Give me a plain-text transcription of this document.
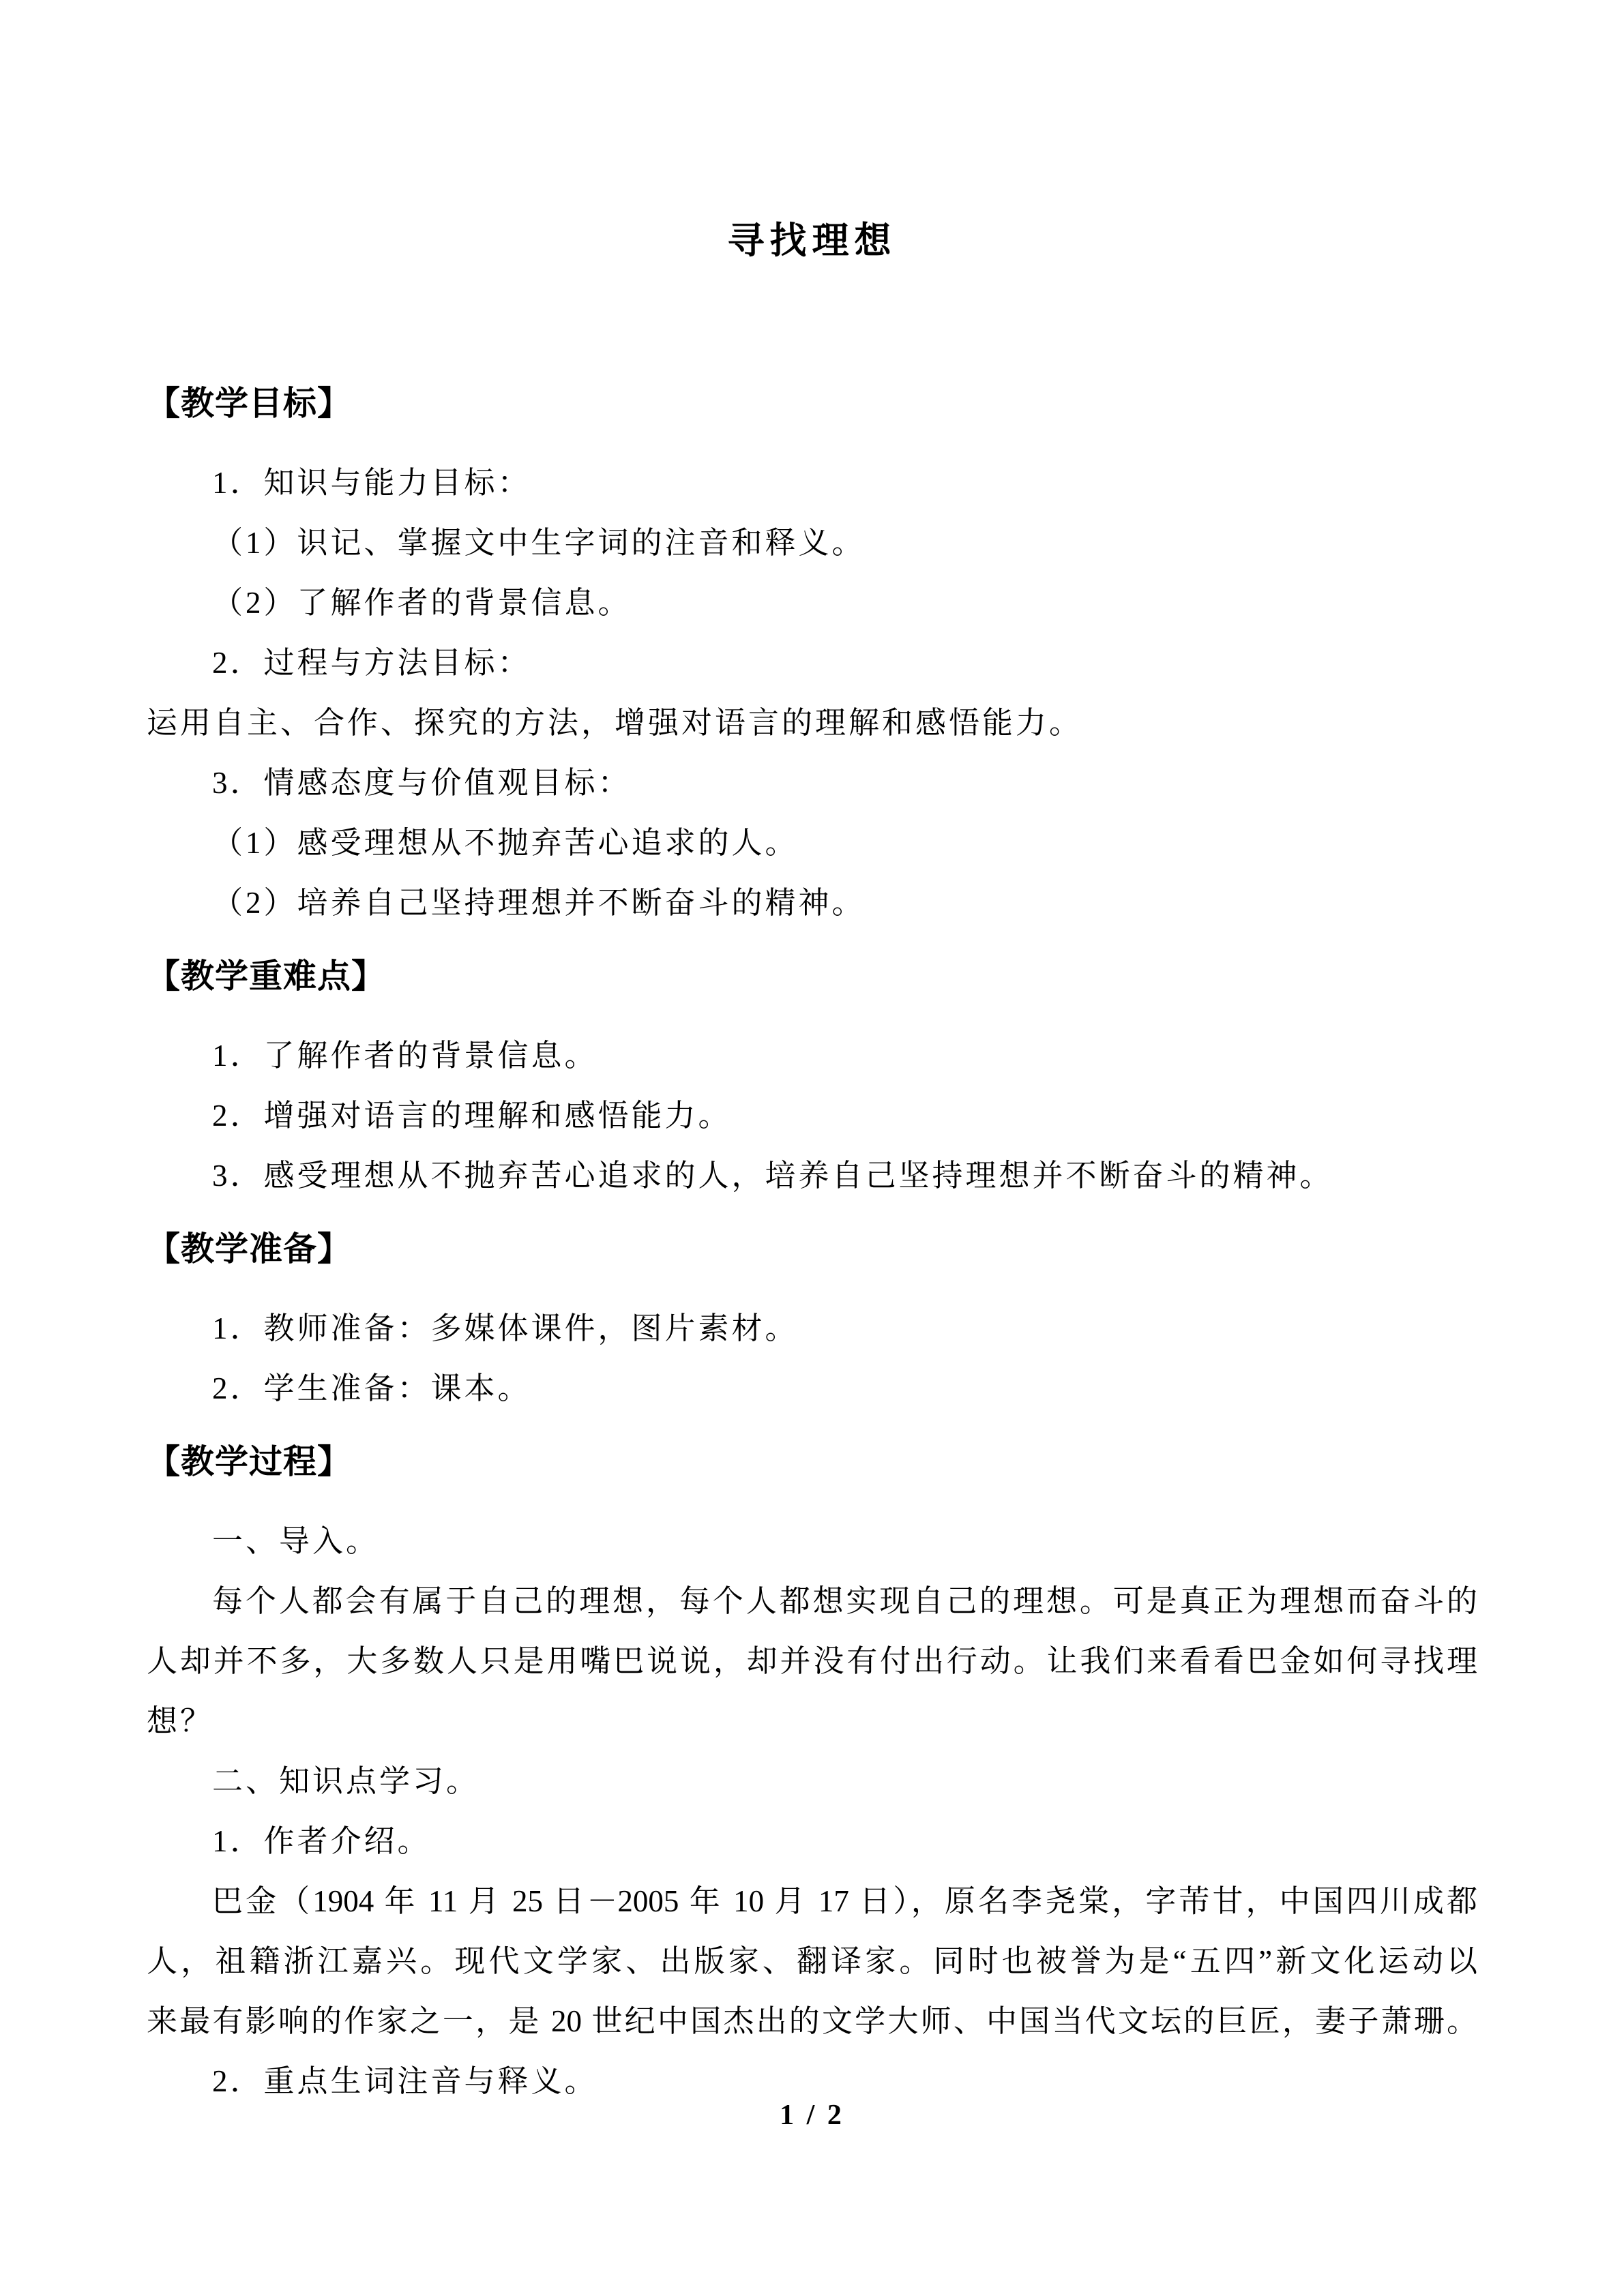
寻找理想
【教学目标】
1．知识与能力目标：
（1）识记、掌握文中生字词的注音和释义。
（2）了解作者的背景信息。
2．过程与方法目标：
运用自主、合作、探究的方法，增强对语言的理解和感悟能力。
3．情感态度与价值观目标：
（1）感受理想从不抛弃苦心追求的人。
（2）培养自己坚持理想并不断奋斗的精神。
【教学重难点】
1．了解作者的背景信息。
2．增强对语言的理解和感悟能力。
3．感受理想从不抛弃苦心追求的人，培养自己坚持理想并不断奋斗的精神。
【教学准备】
1．教师准备：多媒体课件，图片素材。
2．学生准备：课本。
【教学过程】
一、导入。
每个人都会有属于自己的理想，每个人都想实现自己的理想。可是真正为理想而奋斗的
人却并不多，大多数人只是用嘴巴说说，却并没有付出行动。让我们来看看巴金如何寻找理
想？
二、知识点学习。
1．作者介绍。
巴金（1904 年 11 月 25 日－2005 年 10 月 17 日），原名李尧棠，字芾甘，中国四川成都
人，祖籍浙江嘉兴。现代文学家、出版家、翻译家。同时也被誉为是“五四”新文化运动以
来最有影响的作家之一，是 20 世纪中国杰出的文学大师、中国当代文坛的巨匠，妻子萧珊。
2．重点生词注音与释义。
1 / 2
